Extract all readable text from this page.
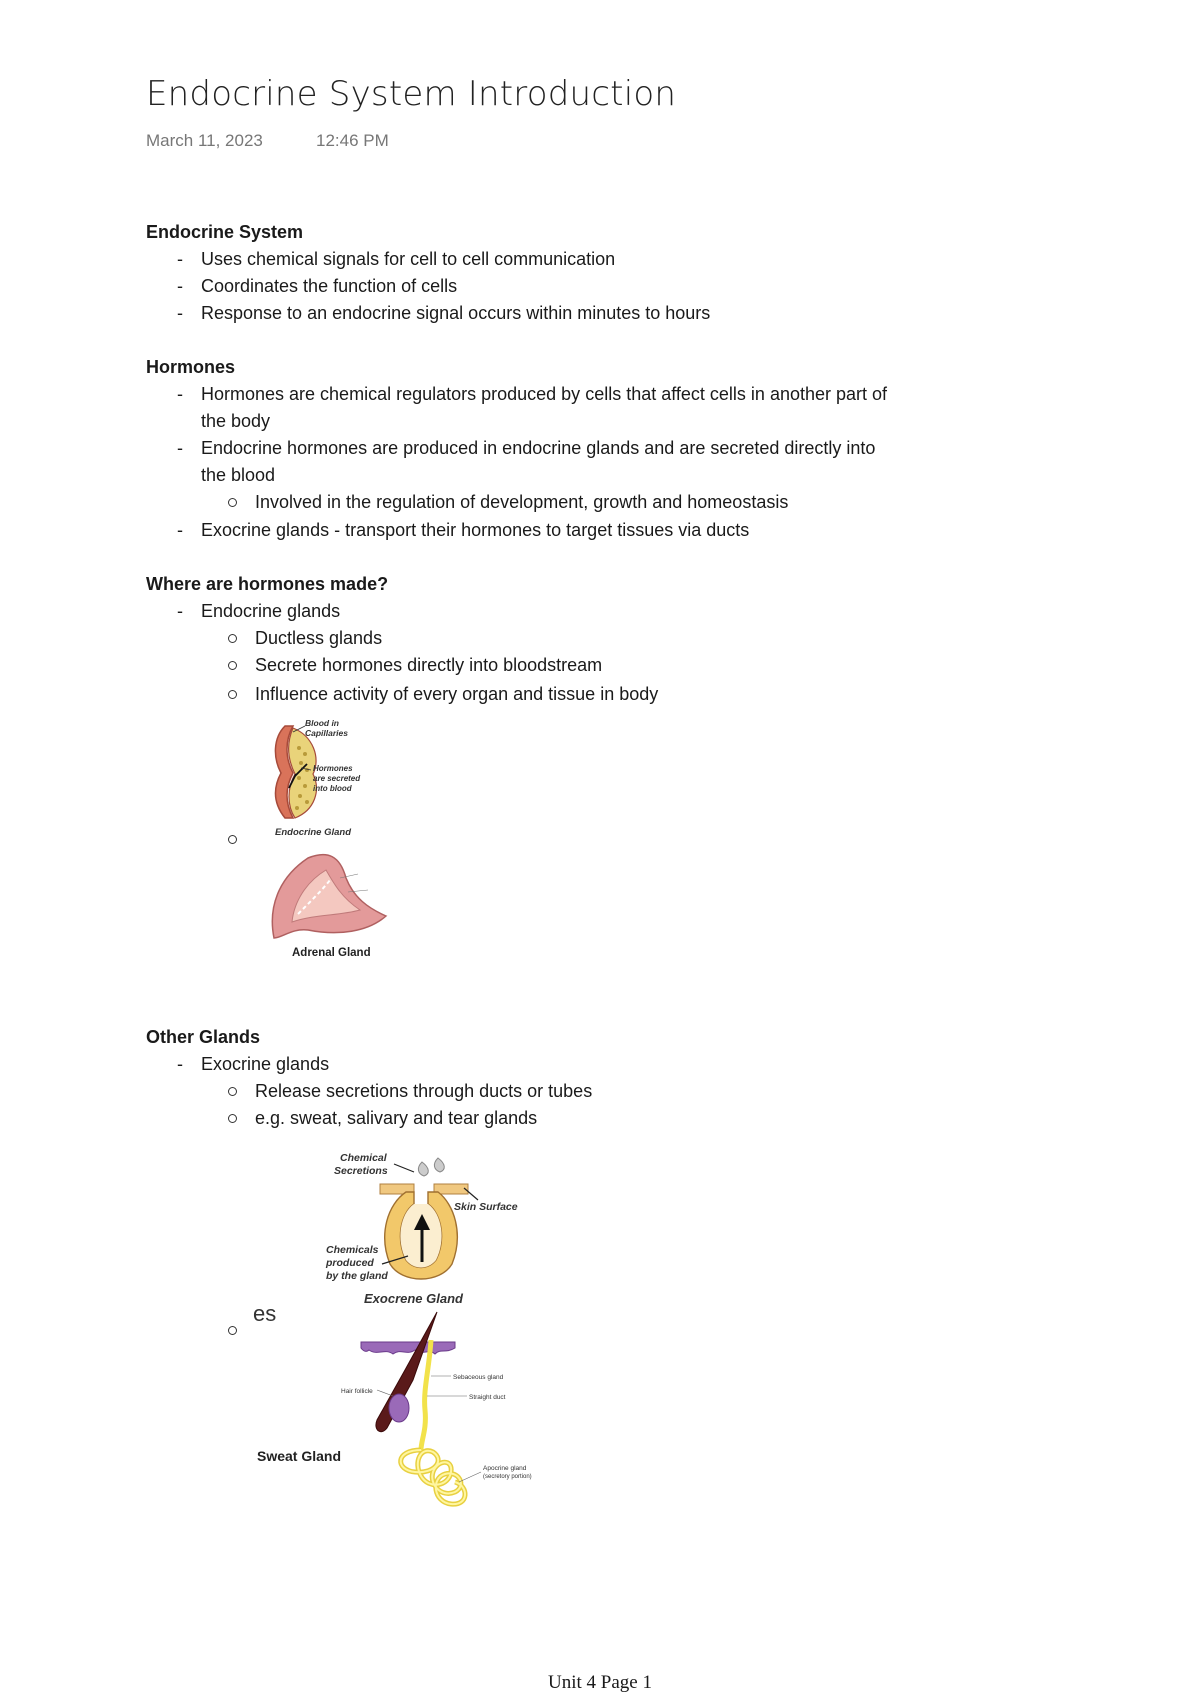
Endocrine System Introduction
March 11, 2023	12:46 PM
Endocrine System
- Uses chemical signals for cell to cell communication
- Coordinates the function of cells
- Response to an endocrine signal occurs within minutes to hours
Hormones
- Hormones are chemical regulators produced by cells that affect cells in another part of
the body
- Endocrine hormones are produced in endocrine glands and are secreted directly into
the blood
Involved in the regulation of development, growth and homeostasis
- Exocrine glands - transport their hormones to target tissues via ducts
Where are hormones made?
- Endocrine glands
Ductless glands
Secrete hormones directly into bloodstream
Influence activity of every organ and tissue in body
Blood in
Capillaries
Hormones
are secreted
into blood
Endocrine Gland
Adrenal Gland
Other Glands
- Exocrine glands
Release secretions through ducts or tubes
e.g. sweat, salivary and tear glands
Chemical
Secretions
Skin Surface
Chemicals
produced
by the gland
Exocrene Gland
es
Sebaceous gland
Straight duct
Hair follicle
Apocrine gland
(secretory portion)
Sweat Gland
Unit 4 Page 1
